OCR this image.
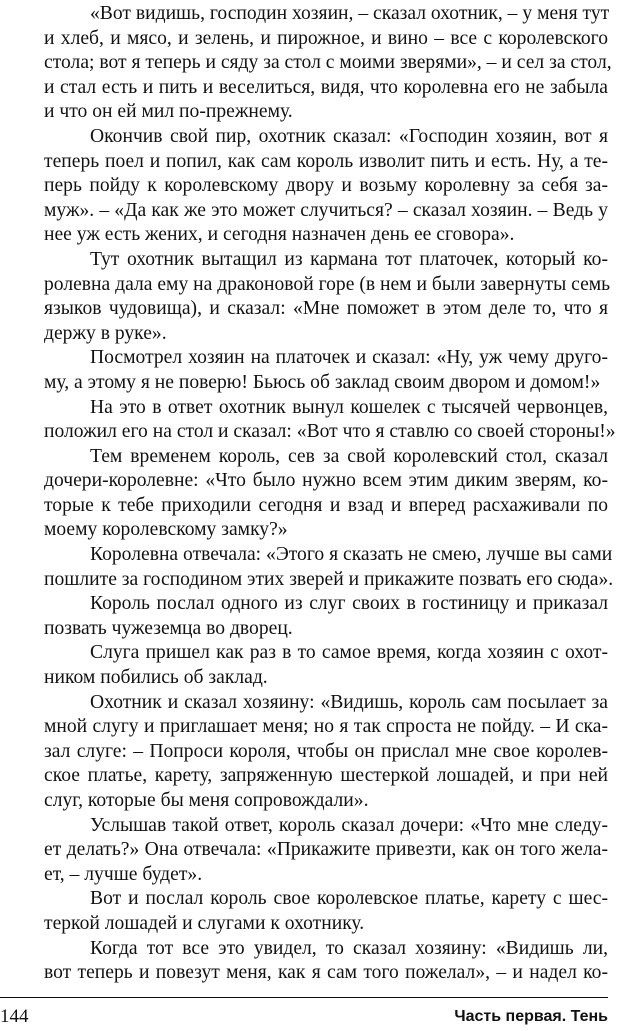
«Вот видишь, господин хозяин, – сказал охотник, – у меня тут
и хлеб, и мясо, и зелень, и пирожное, и вино – все с королевского
стола; вот я теперь и сяду за стол с моими зверями», – и сел за стол,
и стал есть и пить и веселиться, видя, что королевна его не забыла
и что он ей мил по-прежнему.
Окончив свой пир, охотник сказал: «Господин хозяин, вот я
теперь поел и попил, как сам король изволит пить и есть. Ну, а те-
перь пойду к королевскому двору и возьму королевну за себя за-
муж». – «Да как же это может случиться? – сказал хозяин. – Ведь у
нее уж есть жених, и сегодня назначен день ее сговора».
Тут охотник вытащил из кармана тот платочек, который ко-
ролевна дала ему на драконовой горе (в нем и были завернуты семь
языков чудовища), и сказал: «Мне поможет в этом деле то, что я
держу в руке».
Посмотрел хозяин на платочек и сказал: «Ну, уж чему друго-
му, а этому я не поверю! Бьюсь об заклад своим двором и домом!»
На это в ответ охотник вынул кошелек с тысячей червонцев,
положил его на стол и сказал: «Вот что я ставлю со своей стороны!»
Тем временем король, сев за свой королевский стол, сказал
дочери-королевне: «Что было нужно всем этим диким зверям, ко-
торые к тебе приходили сегодня и взад и вперед расхаживали по
моему королевскому замку?»
Королевна отвечала: «Этого я сказать не смею, лучше вы сами
пошлите за господином этих зверей и прикажите позвать его сюда».
Король послал одного из слуг своих в гостиницу и приказал
позвать чужеземца во дворец.
Слуга пришел как раз в то самое время, когда хозяин с охот-
ником побились об заклад.
Охотник и сказал хозяину: «Видишь, король сам посылает за
мной слугу и приглашает меня; но я так спроста не пойду. – И ска-
зал слуге: – Попроси короля, чтобы он прислал мне свое королев-
ское платье, карету, запряженную шестеркой лошадей, и при ней
слуг, которые бы меня сопровождали».
Услышав такой ответ, король сказал дочери: «Что мне следу-
ет делать?» Она отвечала: «Прикажите привезти, как он того желa-
ет, – лучше будет».
Вот и послал король свое королевское платье, карету с шес-
теркой лошадей и слугами к охотнику.
Когда тот все это увидел, то сказал хозяину: «Видишь ли,
вот теперь и повезут меня, как я сам того пожелал», – и надел ко-
144	Часть первая. Тень
